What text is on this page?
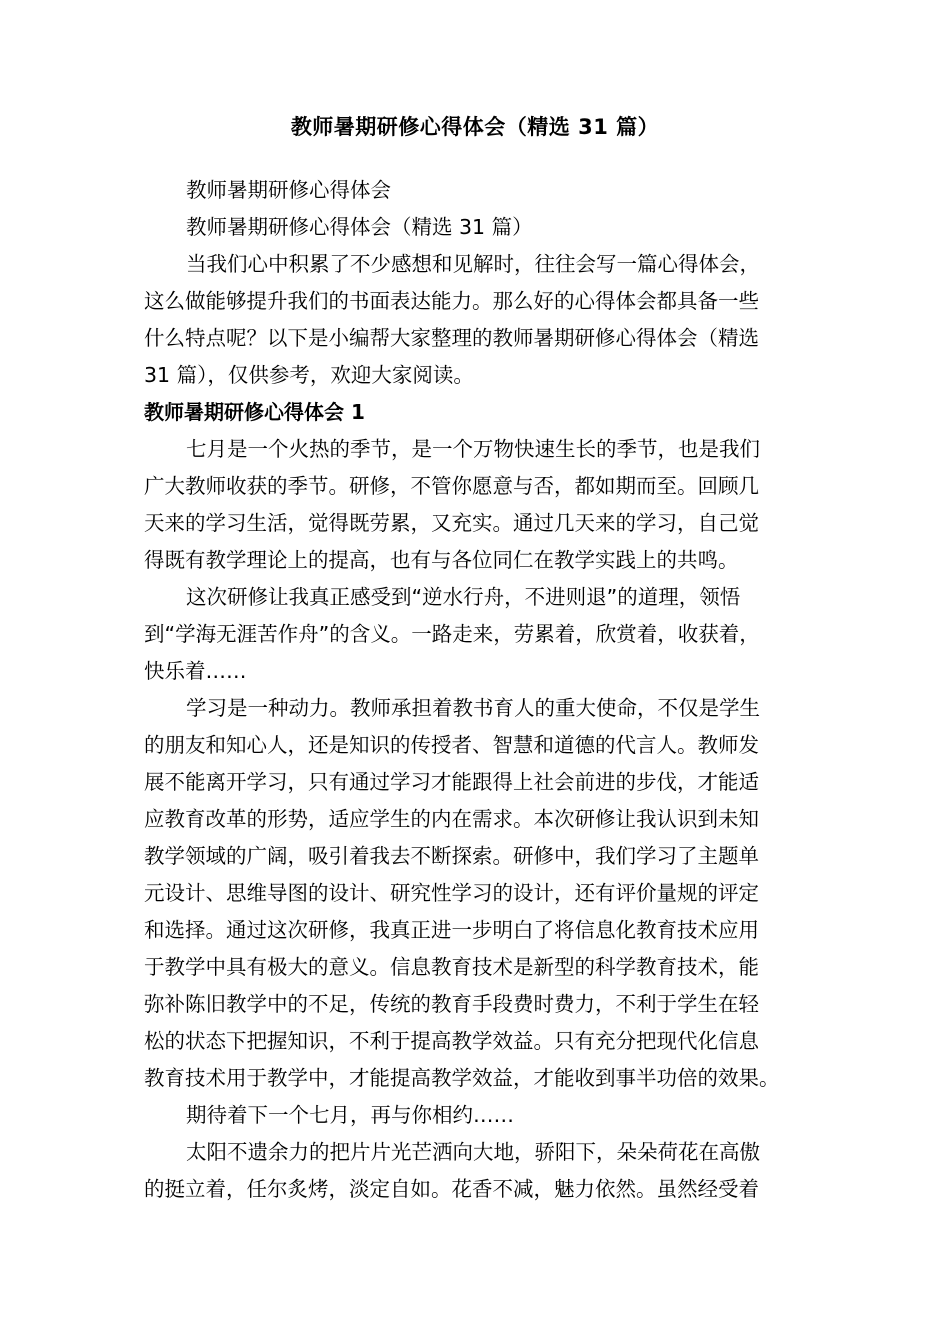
教师暑期研修心得体会（精选 31 篇）
教师暑期研修心得体会
教师暑期研修心得体会（精选 31 篇）
当我们心中积累了不少感想和见解时，往往会写一篇心得体会，
这么做能够提升我们的书面表达能力。那么好的心得体会都具备一些
什么特点呢？以下是小编帮大家整理的教师暑期研修心得体会（精选
31 篇），仅供参考，欢迎大家阅读。
教师暑期研修心得体会 1
七月是一个火热的季节，是一个万物快速生长的季节，也是我们
广大教师收获的季节。研修，不管你愿意与否，都如期而至。回顾几
天来的学习生活，觉得既劳累，又充实。通过几天来的学习，自己觉
得既有教学理论上的提高，也有与各位同仁在教学实践上的共鸣。
这次研修让我真正感受到“逆水行舟，不进则退”的道理，领悟
到“学海无涯苦作舟”的含义。一路走来，劳累着，欣赏着，收获着，
快乐着……
学习是一种动力。教师承担着教书育人的重大使命，不仅是学生
的朋友和知心人，还是知识的传授者、智慧和道德的代言人。教师发
展不能离开学习，只有通过学习才能跟得上社会前进的步伐，才能适
应教育改革的形势，适应学生的内在需求。本次研修让我认识到未知
教学领域的广阔，吸引着我去不断探索。研修中，我们学习了主题单
元设计、思维导图的设计、研究性学习的设计，还有评价量规的评定
和选择。通过这次研修，我真正进一步明白了将信息化教育技术应用
于教学中具有极大的意义。信息教育技术是新型的科学教育技术，能
弥补陈旧教学中的不足，传统的教育手段费时费力，不利于学生在轻
松的状态下把握知识，不利于提高教学效益。只有充分把现代化信息
教育技术用于教学中，才能提高教学效益，才能收到事半功倍的效果。
期待着下一个七月，再与你相约……
太阳不遗余力的把片片光芒洒向大地，骄阳下，朵朵荷花在高傲
的挺立着，任尔炙烤，淡定自如。花香不减，魅力依然。虽然经受着
